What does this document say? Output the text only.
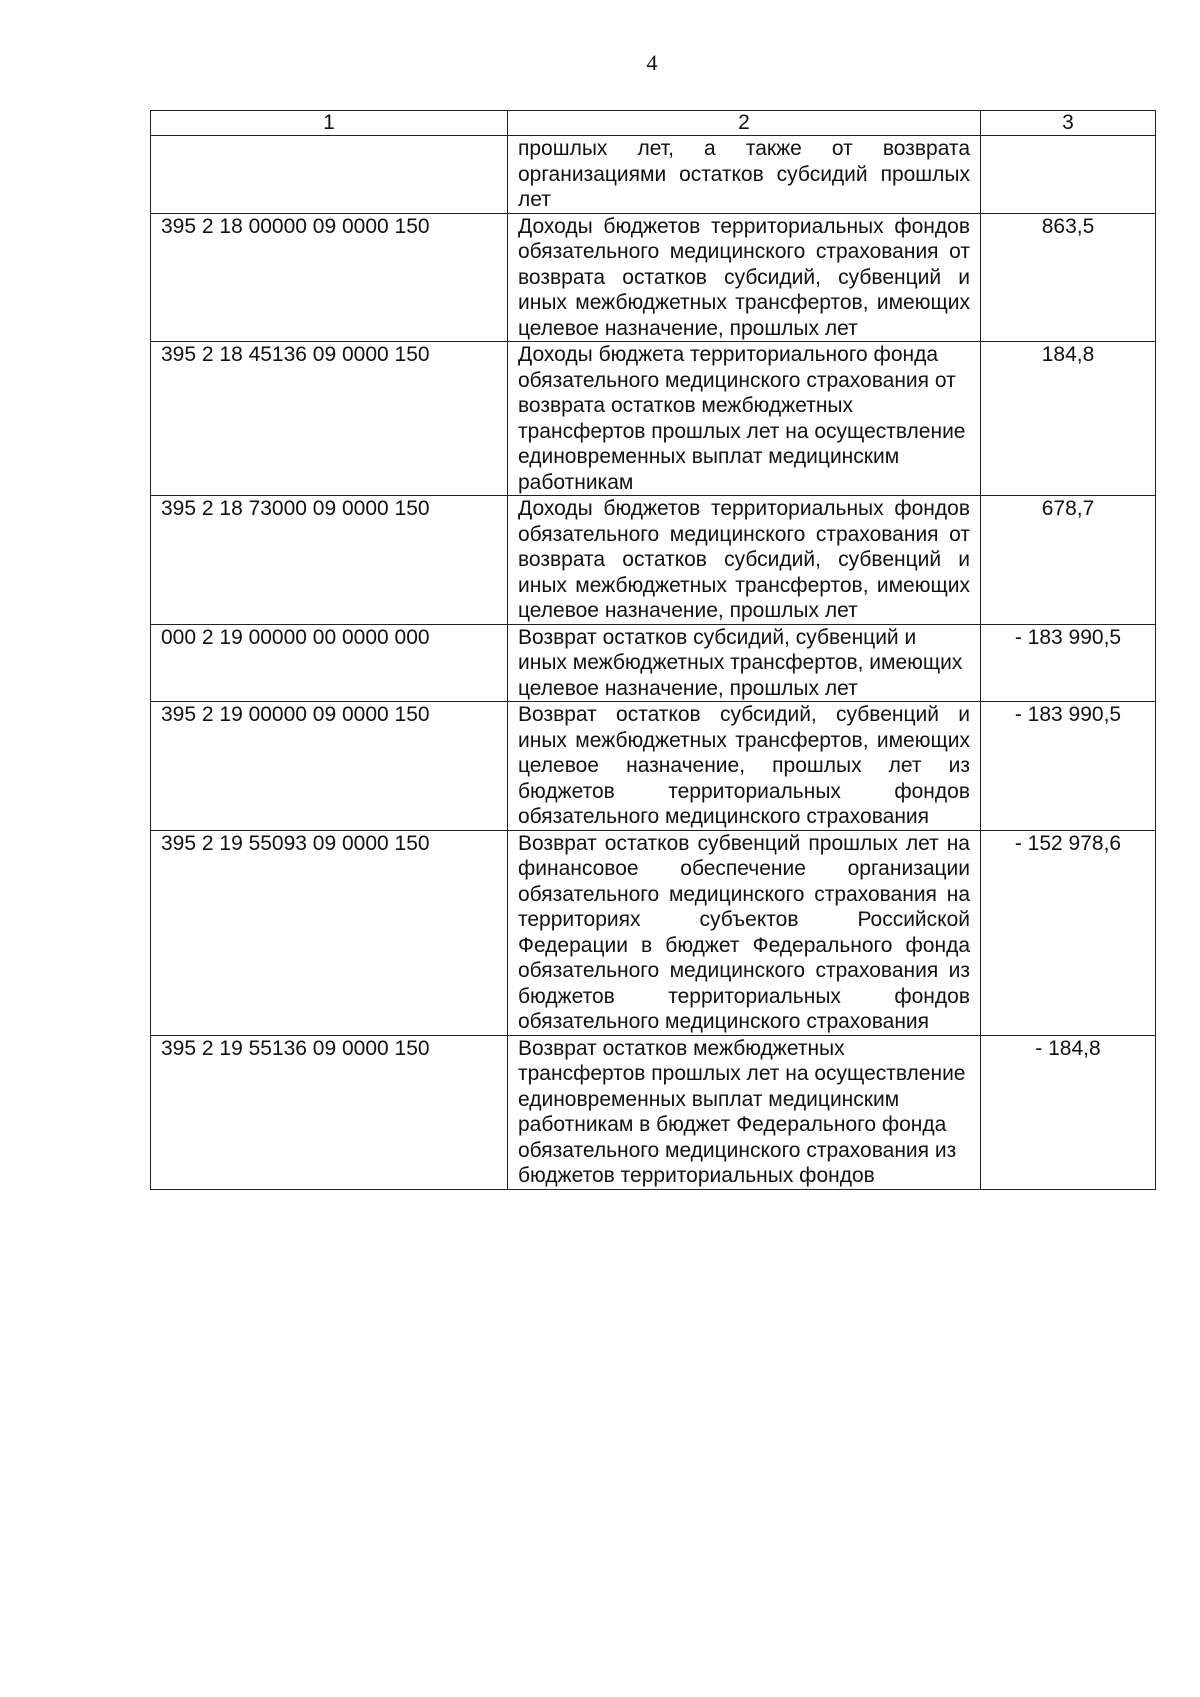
4
1	2	3
	прошлых лет, а также от возврата организациями остатков субсидий прошлых лет	
395 2 18 00000 09 0000 150	Доходы бюджетов территориальных фондов обязательного медицинского страхования от возврата остатков субсидий, субвенций и иных межбюджетных трансфертов, имеющих целевое назначение, прошлых лет	863,5
395 2 18 45136 09 0000 150	Доходы бюджета территориального фонда обязательного медицинского страхования от возврата остатков межбюджетных трансфертов прошлых лет на осуществление единовременных выплат медицинским работникам	184,8
395 2 18 73000 09 0000 150	Доходы бюджетов территориальных фондов обязательного медицинского страхования от возврата остатков субсидий, субвенций и иных межбюджетных трансфертов, имеющих целевое назначение, прошлых лет	678,7
000 2 19 00000 00 0000 000	Возврат остатков субсидий, субвенций и иных межбюджетных трансфертов, имеющих целевое назначение, прошлых лет	- 183 990,5
395 2 19 00000 09 0000 150	Возврат остатков субсидий, субвенций и иных межбюджетных трансфертов, имеющих целевое назначение, прошлых лет из бюджетов территориальных фондов обязательного медицинского страхования	- 183 990,5
395 2 19 55093 09 0000 150	Возврат остатков субвенций прошлых лет на финансовое обеспечение организации обязательного медицинского страхования на территориях субъектов Российской Федерации в бюджет Федерального фонда обязательного медицинского страхования из бюджетов территориальных фондов обязательного медицинского страхования	- 152 978,6
395 2 19 55136 09 0000 150	Возврат остатков межбюджетных трансфертов прошлых лет на осуществление единовременных выплат медицинским работникам в бюджет Федерального фонда обязательного медицинского страхования из бюджетов территориальных фондов	- 184,8
